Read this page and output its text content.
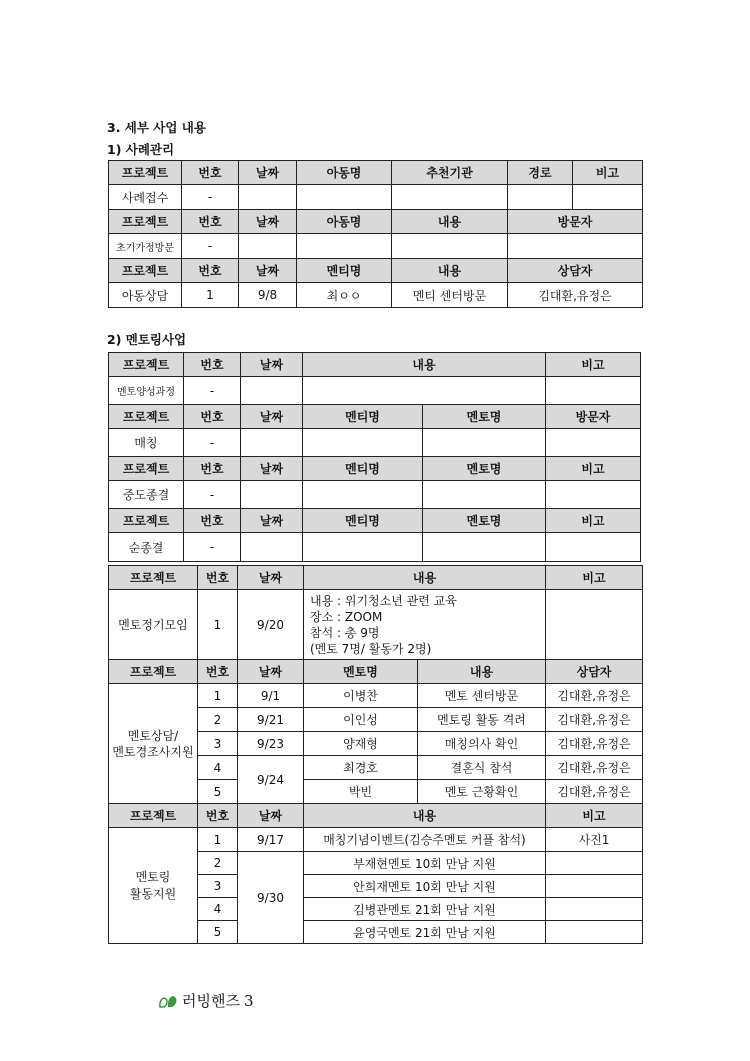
3. 세부 사업 내용
1) 사례관리
프로젝트	번호	날짜	아동명	추천기관	경로	비고
사례접수	-					
프로젝트	번호	날짜	아동명	내용	방문자	
초기가정방문	-					
프로젝트	번호	날짜	멘티명	내용	상담자	
아동상담	1	9/8	최ㅇㅇ	멘티 센터방문	김대환,유정은	
2) 멘토링사업
프로젝트	번호	날짜	내용		비고
멘토양성과정	-				
프로젝트	번호	날짜	멘티명	멘토명	방문자
매칭	-				
프로젝트	번호	날짜	멘티명	멘토명	비고
중도종결	-				
프로젝트	번호	날짜	멘티명	멘토명	비고
순종결	-				
프로젝트	번호	날짜	내용		비고
멘토정기모임	1	9/20	내용 : 위기청소년 관련 교육
장소 : ZOOM
참석 : 총 9명
(멘토 7명/ 활동가 2명)		

프로젝트	번호	날짜	멘토명	내용	상담자

멘토상담/
멘토경조사지원	1	9/1	이병찬	멘토 센터방문	김대환,유정은
	2	9/21	이인성	멘토링 활동 격려	김대환,유정은
	3	9/23	양재형	매칭의사 확인	김대환,유정은
	4	9/24	최경호	결혼식 참석	김대환,유정은
	5		박빈	멘토 근황확인	김대환,유정은
프로젝트	번호	날짜	내용		비고

멘토링
활동지원	1	9/17	매칭기념이벤트(김승주멘토 커플 참석)		사진1
	2	9/30	부재현멘토 10회 만남 지원		
	3		안희재멘토 10회 만남 지원		
	4		김병관멘토 21회 만남 지원		
	5		윤영국멘토 21회 만남 지원		
러빙핸즈 3
